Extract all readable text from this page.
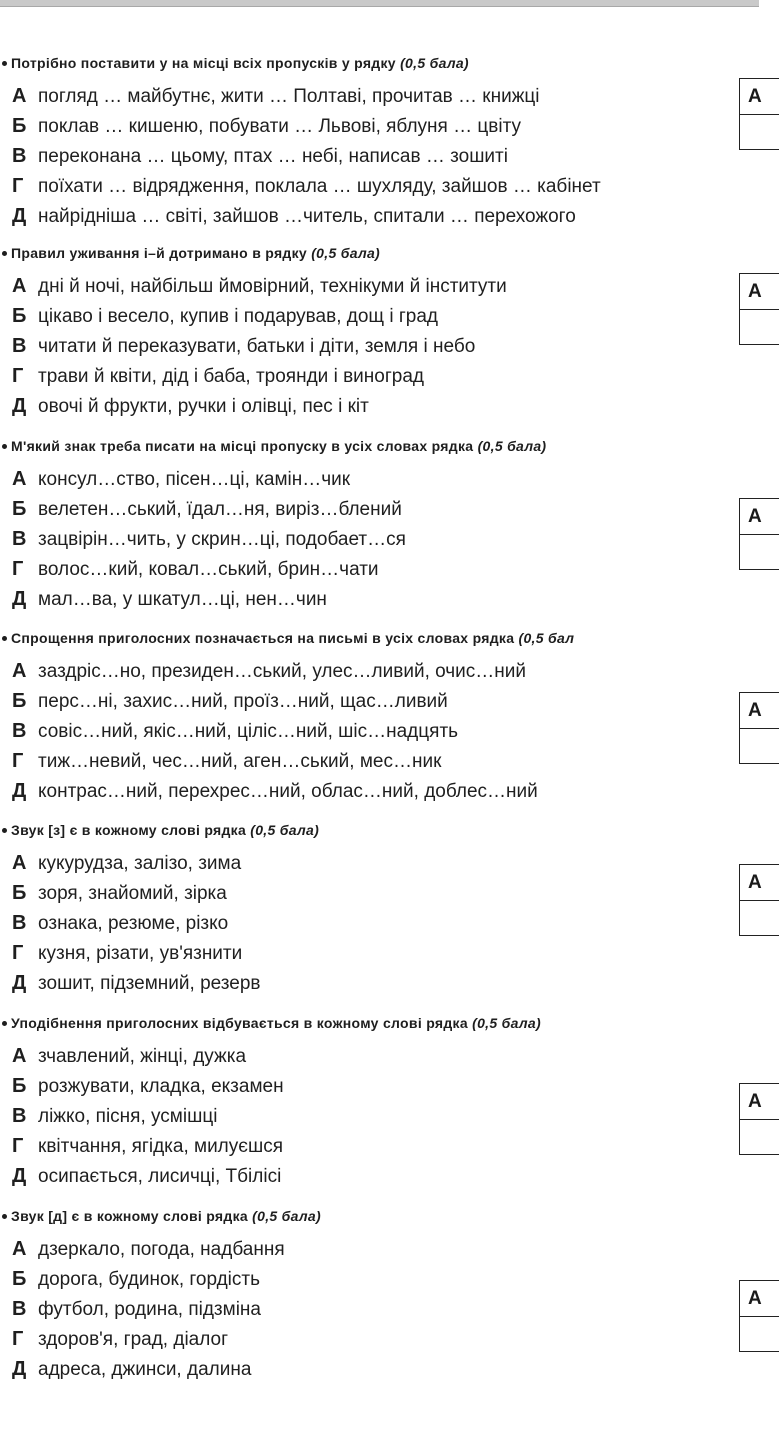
Потрібно поставити у на місці всіх пропусків у рядку (0,5 бала)
А погляд … майбутнє, жити … Полтаві, прочитав … книжці
Б поклав … кишеню, побувати … Львові, яблуня … цвіту
В переконана … цьому, птах … небі, написав … зошиті
Г поїхати … відрядження, поклала … шухляду, зайшов … кабінет
Д найрідніша … світі, зайшов …читель, спитали … перехожого
А
Правил уживання і–й дотримано в рядку (0,5 бала)
А дні й ночі, найбільш ймовірний, технікуми й інститути
Б цікаво і весело, купив і подарував, дощ і град
В читати й переказувати, батьки і діти, земля і небо
Г трави й квіти, дід і баба, троянди і виноград
Д овочі й фрукти, ручки і олівці, пес і кіт
А
М'який знак треба писати на місці пропуску в усіх словах рядка (0,5 бала)
А консул…ство, пісен…ці, камін…чик
Б велетен…ський, їдал…ня, виріз…блений
В зацвірін…чить, у скрин…ці, подобает…ся
Г волос…кий, ковал…ський, брин…чати
Д мал…ва, у шкатул…ці, нен…чин
А
Спрощення приголосних позначається на письмі в усіх словах рядка (0,5 бал
А заздріс…но, президен…ський, улес…ливий, очис…ний
Б перс…ні, захис…ний, проїз…ний, щас…ливий
В совіс…ний, якіс…ний, ціліс…ний, шіс…надцять
Г тиж…невий, чес…ний, аген…ський, мес…ник
Д контрас…ний, перехрес…ний, облас…ний, доблес…ний
А
Звук [з] є в кожному слові рядка (0,5 бала)
А кукурудза, залізо, зима
Б зоря, знайомий, зірка
В ознака, резюме, різко
Г кузня, різати, ув'язнити
Д зошит, підземний, резерв
А
Уподібнення приголосних відбувається в кожному слові рядка (0,5 бала)
А зчавлений, жінці, дужка
Б розжувати, кладка, екзамен
В ліжко, пісня, усмішці
Г квітчання, ягідка, милуєшся
Д осипається, лисичці, Тбілісі
А
Звук [д] є в кожному слові рядка (0,5 бала)
А дзеркало, погода, надбання
Б дорога, будинок, гордість
В футбол, родина, підзміна
Г здоров'я, град, діалог
Д адреса, джинси, далина
А
